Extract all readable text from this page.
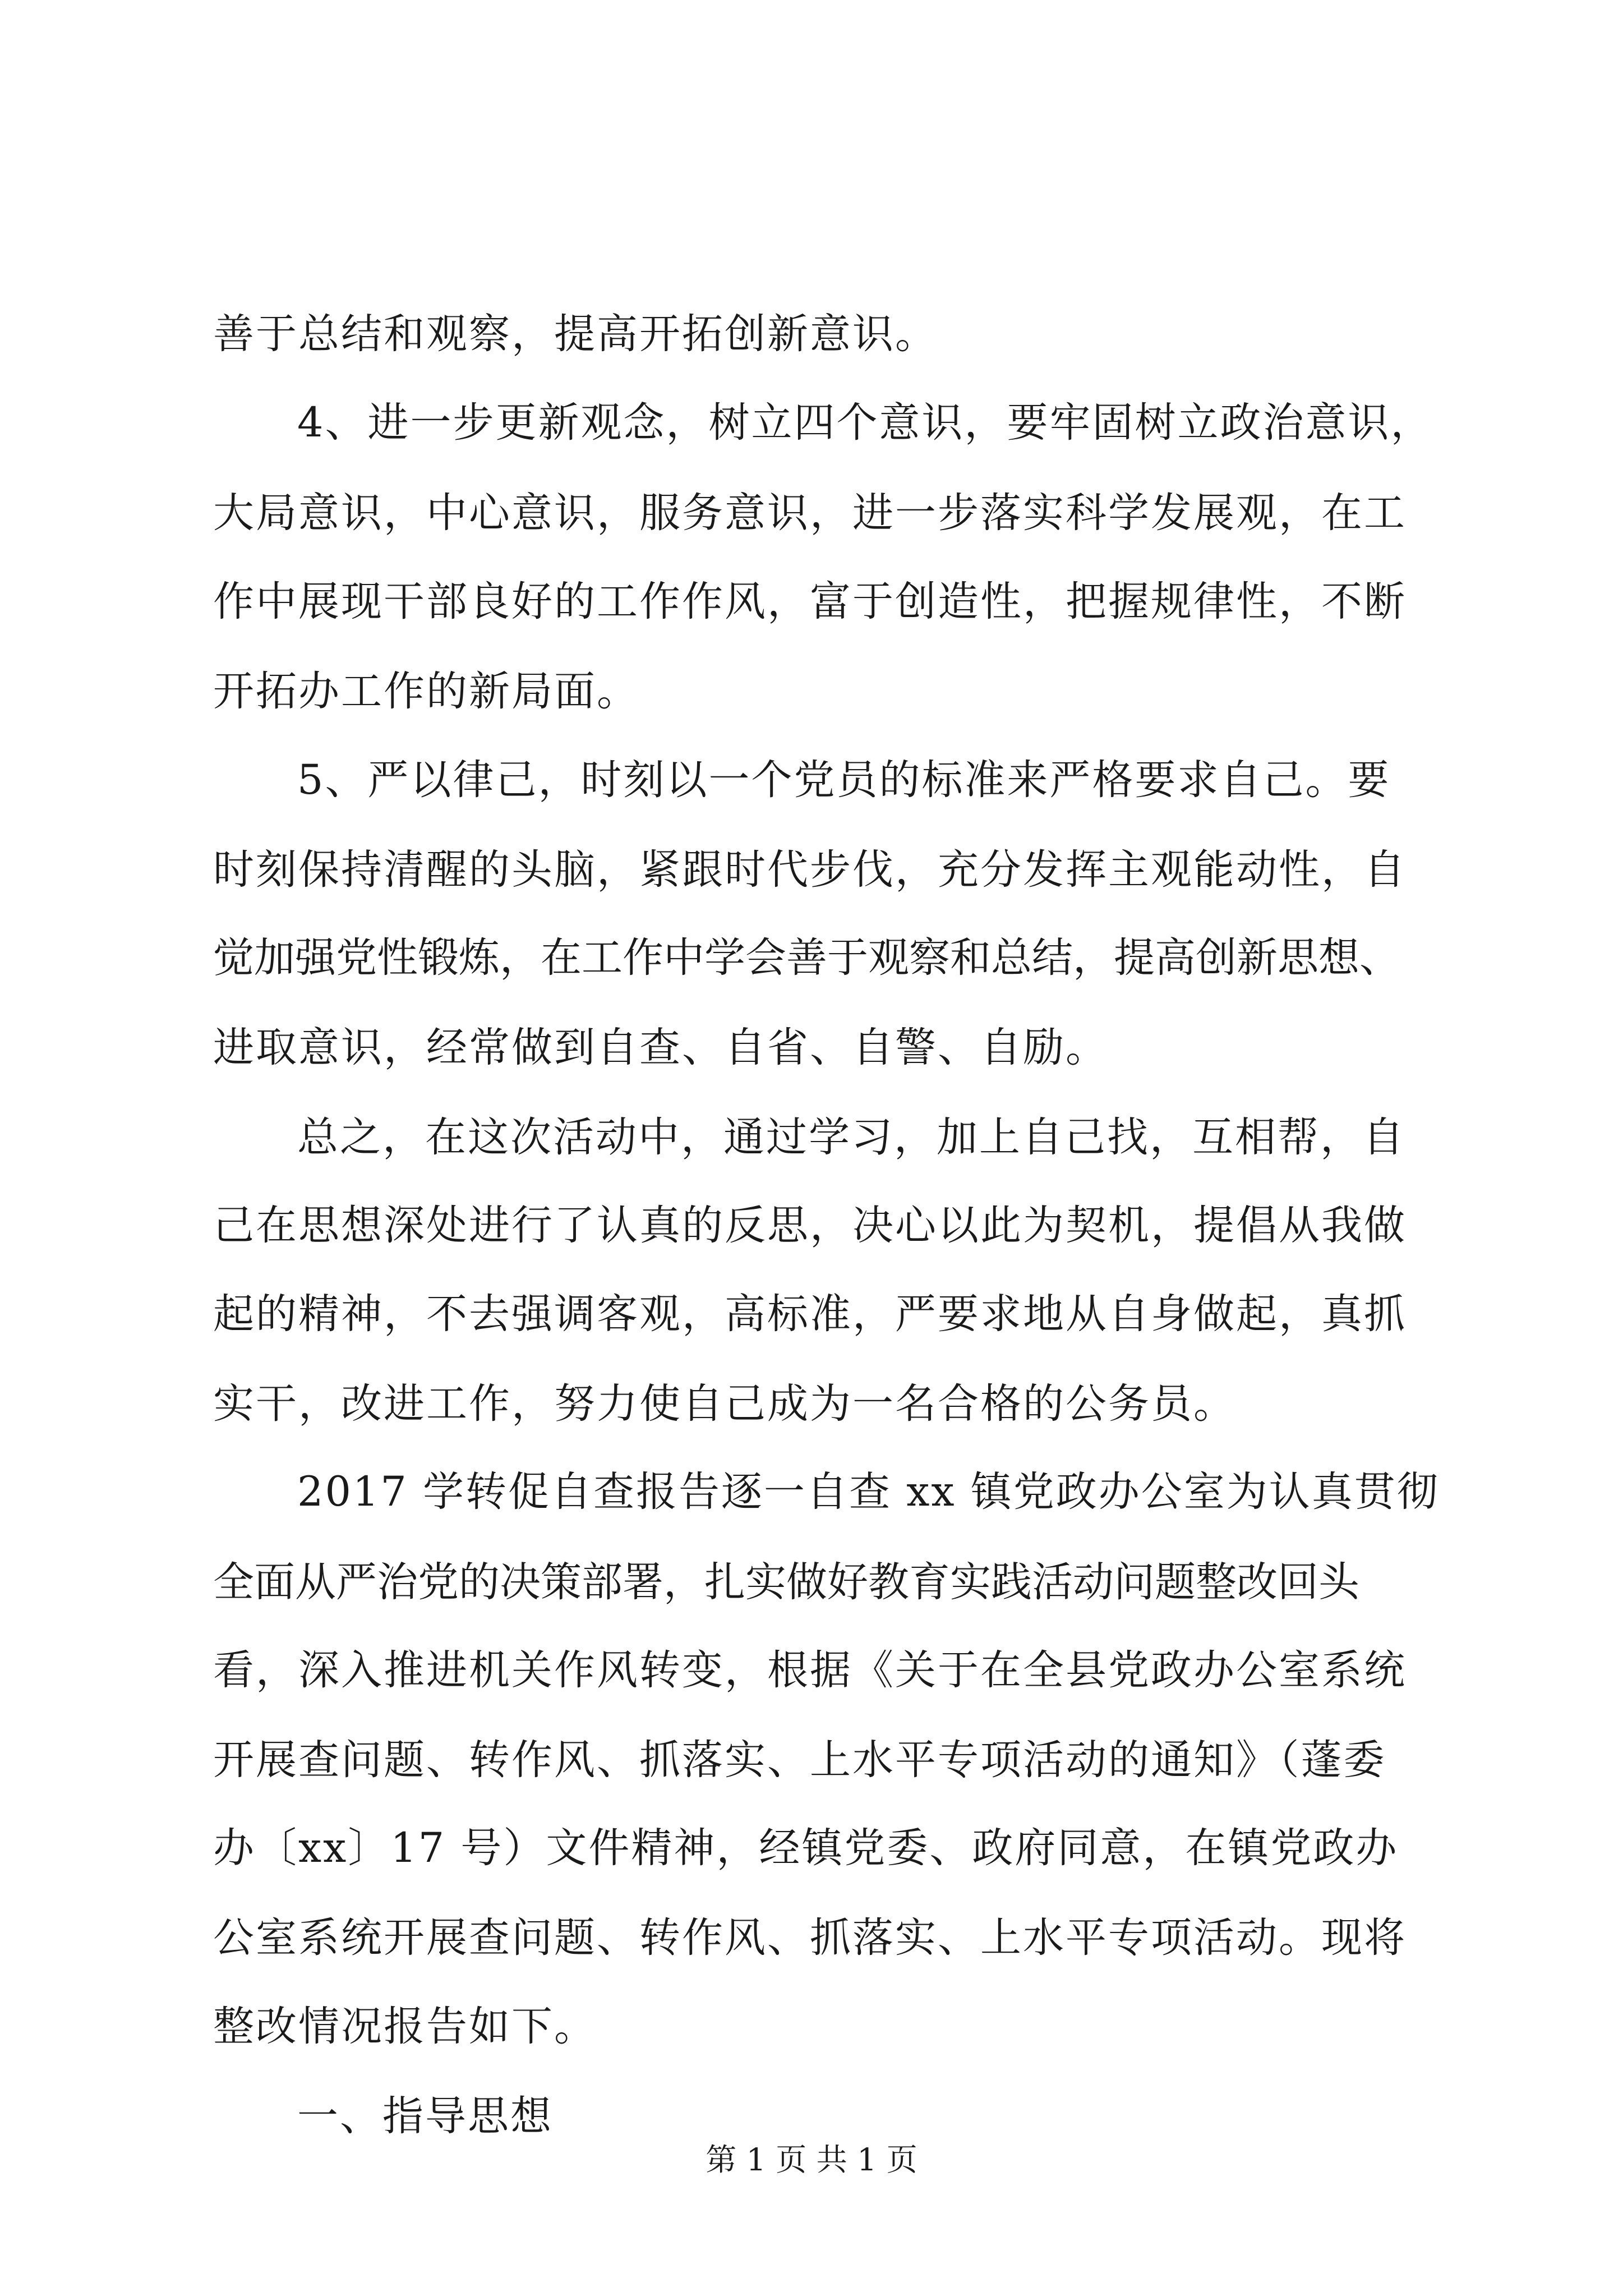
善于总结和观察，提高开拓创新意识。
4、进一步更新观念，树立四个意识，要牢固树立政治意识，
大局意识，中心意识，服务意识，进一步落实科学发展观，在工
作中展现干部良好的工作作风，富于创造性，把握规律性，不断
开拓办工作的新局面。
5、严以律己，时刻以一个党员的标准来严格要求自己。要
时刻保持清醒的头脑，紧跟时代步伐，充分发挥主观能动性，自
觉加强党性锻炼，在工作中学会善于观察和总结，提高创新思想、
进取意识，经常做到自查、自省、自警、自励。
总之，在这次活动中，通过学习，加上自己找，互相帮，自
己在思想深处进行了认真的反思，决心以此为契机，提倡从我做
起的精神，不去强调客观，高标准，严要求地从自身做起，真抓
实干，改进工作，努力使自己成为一名合格的公务员。
2017 学转促自查报告逐一自查 xx 镇党政办公室为认真贯彻
全面从严治党的决策部署，扎实做好教育实践活动问题整改回头
看，深入推进机关作风转变，根据《关于在全县党政办公室系统
开展查问题、转作风、抓落实、上水平专项活动的通知》（蓬委
办〔xx〕17 号）文件精神，经镇党委、政府同意，在镇党政办
公室系统开展查问题、转作风、抓落实、上水平专项活动。现将
整改情况报告如下。
一、指导思想
第 1 页 共 1 页
